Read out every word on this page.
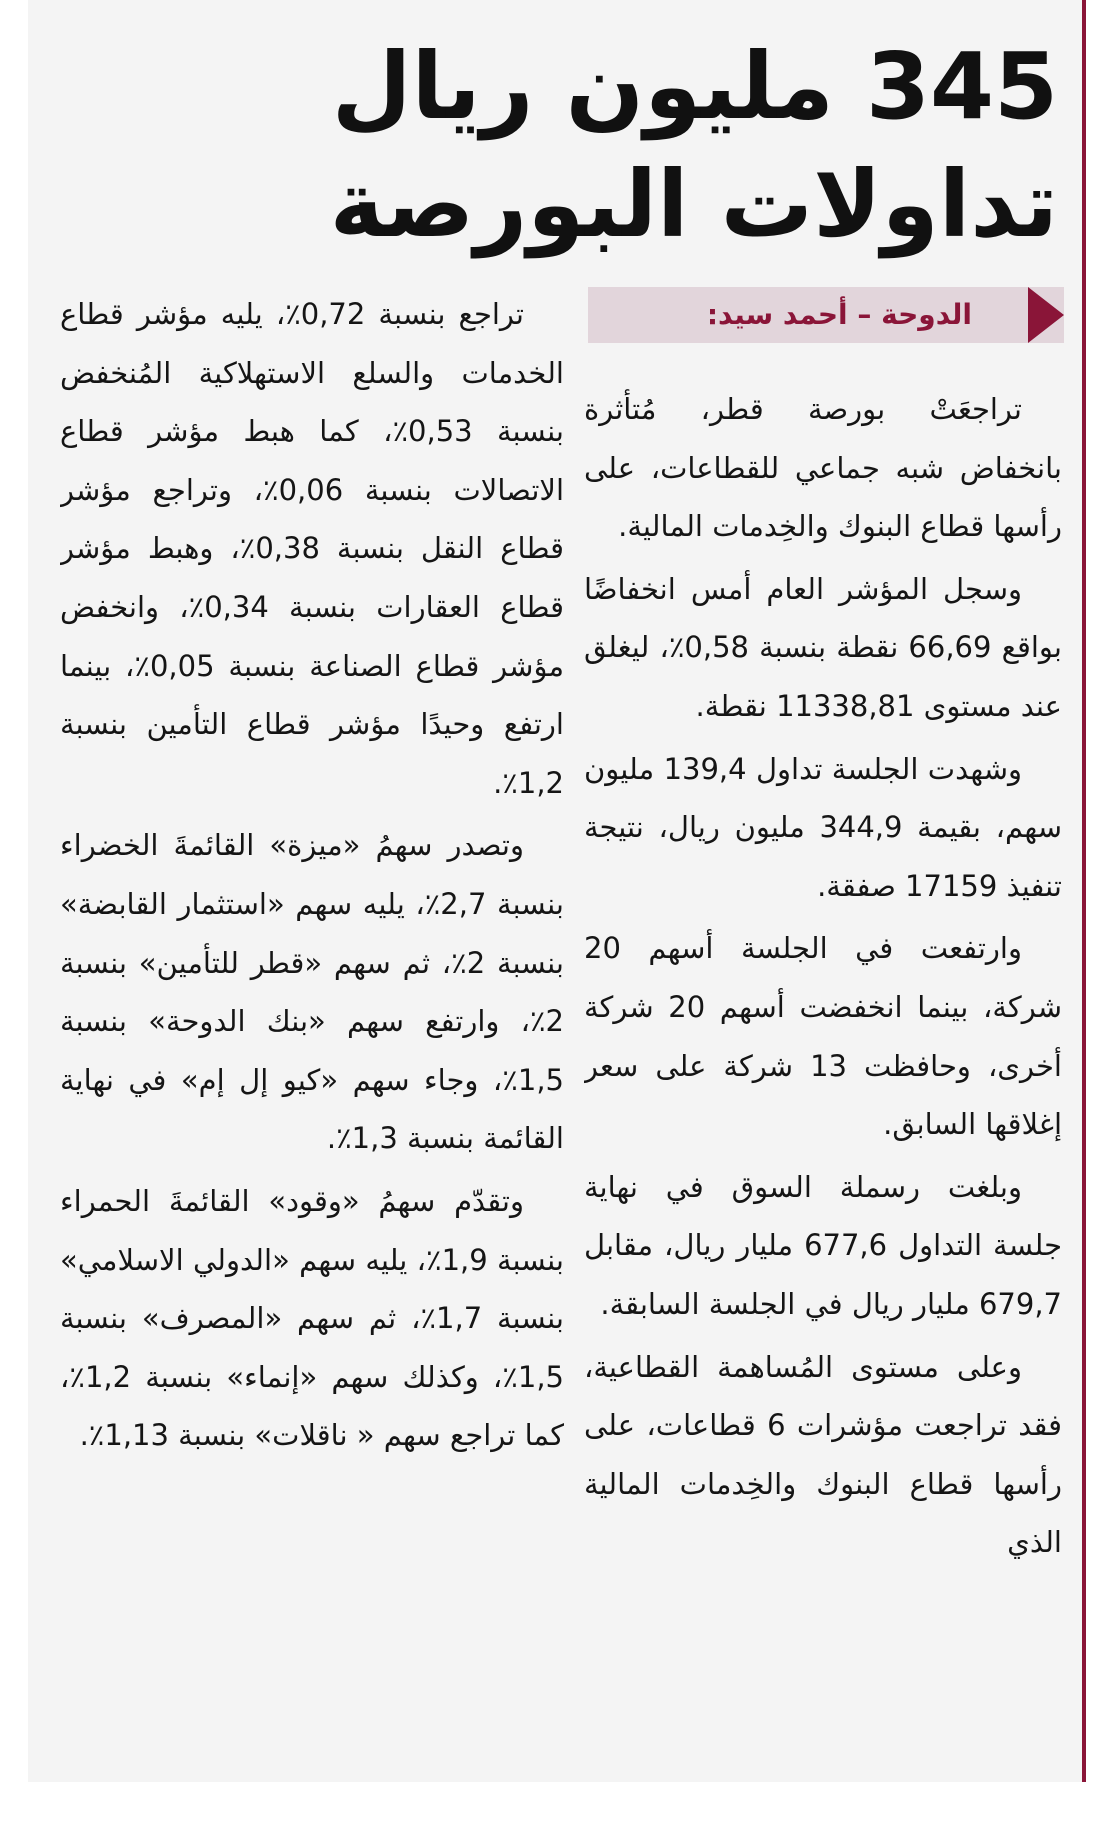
345 مليون ريال
تداولات البورصة
الدوحة – أحمد سيد:

تراجعَتْ بورصة قطر، مُتأثرة بانخفاض شبه جماعي للقطاعات، على رأسها قطاع البنوك والخِدمات المالية.

وسجل المؤشر العام أمس انخفاضًا بواقع 66,69 نقطة بنسبة 0,58٪، ليغلق عند مستوى 11338,81 نقطة.

وشهدت الجلسة تداول 139,4 مليون سهم، بقيمة 344,9 مليون ريال، نتيجة تنفيذ 17159 صفقة.

وارتفعت في الجلسة أسهم 20 شركة، بينما انخفضت أسهم 20 شركة أخرى، وحافظت 13 شركة على سعر إغلاقها السابق.

وبلغت رسملة السوق في نهاية جلسة التداول 677,6 مليار ريال، مقابل 679,7 مليار ريال في الجلسة السابقة.

وعلى مستوى المُساهمة القطاعية، فقد تراجعت مؤشرات 6 قطاعات، على رأسها قطاع البنوك والخِدمات المالية الذي

تراجع بنسبة 0,72٪، يليه مؤشر قطاع الخدمات والسلع الاستهلاكية المُنخفض بنسبة 0,53٪، كما هبط مؤشر قطاع الاتصالات بنسبة 0,06٪، وتراجع مؤشر قطاع النقل بنسبة 0,38٪، وهبط مؤشر قطاع العقارات بنسبة 0,34٪، وانخفض مؤشر قطاع الصناعة بنسبة 0,05٪، بينما ارتفع وحيدًا مؤشر قطاع التأمين بنسبة 1,2٪.

وتصدر سهمُ «ميزة» القائمةَ الخضراء بنسبة 2,7٪، يليه سهم «استثمار القابضة» بنسبة 2٪، ثم سهم «قطر للتأمين» بنسبة 2٪، وارتفع سهم «بنك الدوحة» بنسبة 1,5٪، وجاء سهم «كيو إل إم» في نهاية القائمة بنسبة 1,3٪.

وتقدّم سهمُ «وقود» القائمةَ الحمراء بنسبة 1,9٪، يليه سهم «الدولي الاسلامي» بنسبة 1,7٪، ثم سهم «المصرف» بنسبة 1,5٪، وكذلك سهم «إنماء» بنسبة 1,2٪، كما تراجع سهم « ناقلات» بنسبة 1,13٪.
